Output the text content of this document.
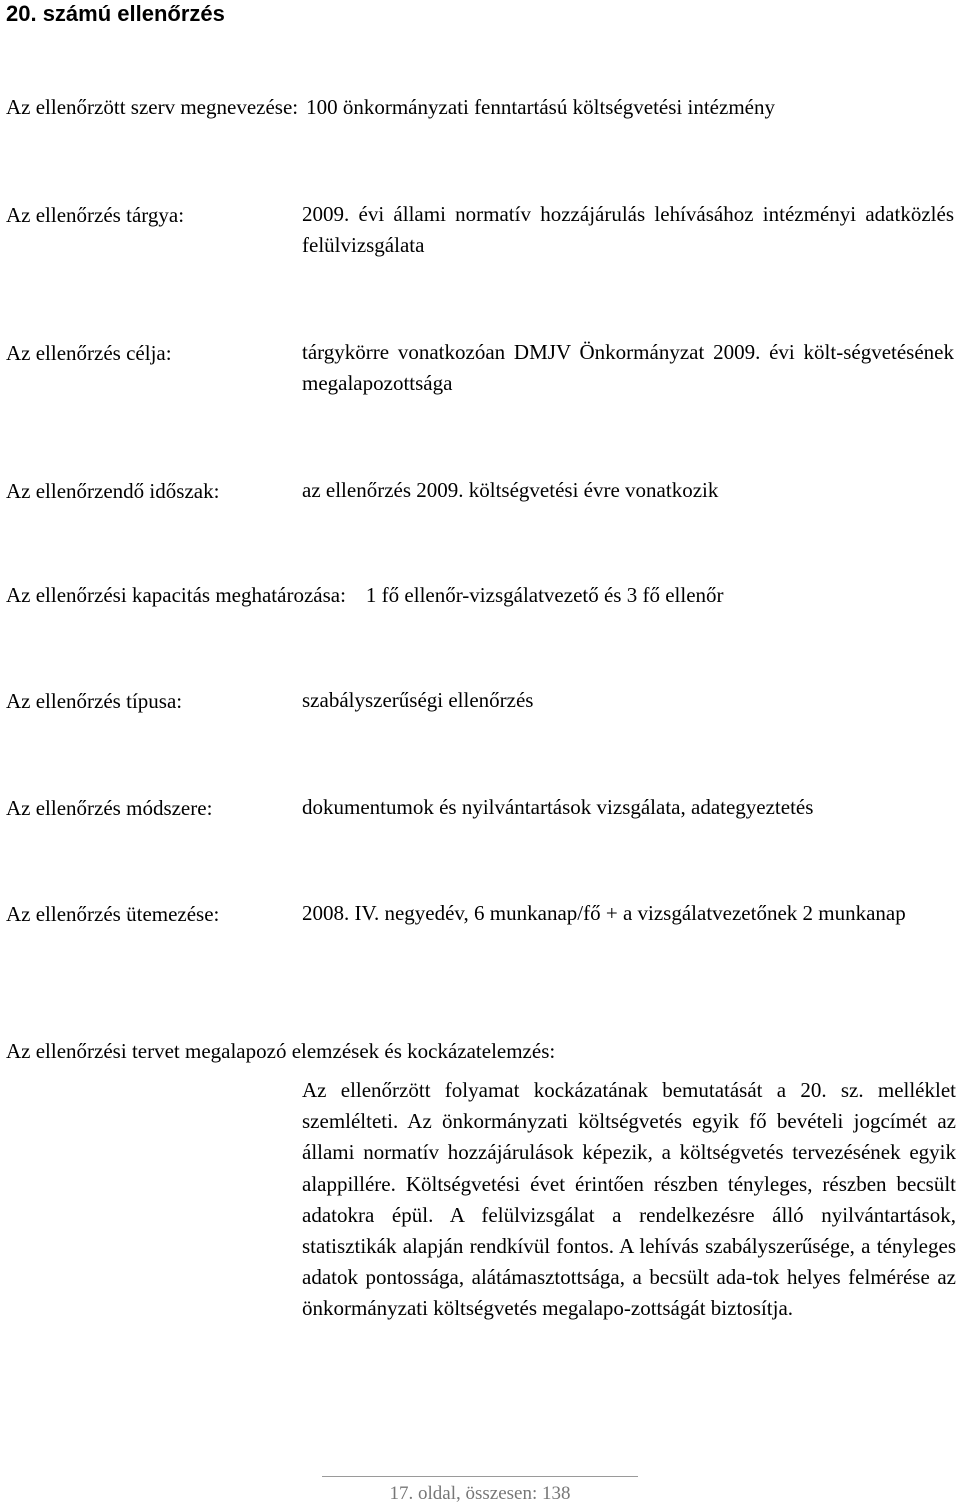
20. számú ellenőrzés
Az ellenőrzött szerv megnevezése: 100 önkormányzati fenntartású költségvetési intézmény
Az ellenőrzés tárgya:	2009. évi állami normatív hozzájárulás lehívásához intézményi adatközlés felülvizsgálata
Az ellenőrzés célja:	tárgykörre vonatkozóan DMJV Önkormányzat 2009. évi költ-ségvetésének megalapozottsága
Az ellenőrzendő időszak:	az ellenőrzés 2009. költségvetési évre vonatkozik
Az ellenőrzési kapacitás meghatározása: 1 fő ellenőr-vizsgálatvezető és 3 fő ellenőr
Az ellenőrzés típusa:	szabályszerűségi ellenőrzés
Az ellenőrzés módszere:	dokumentumok és nyilvántartások vizsgálata, adategyeztetés
Az ellenőrzés ütemezése:	2008. IV. negyedév, 6 munkanap/fő + a vizsgálatvezetőnek 2 munkanap
Az ellenőrzési tervet megalapozó elemzések és kockázatelemzés:
Az ellenőrzött folyamat kockázatának bemutatását a 20. sz. melléklet szemlélteti. Az önkormányzati költségvetés egyik fő bevételi jogcímét az állami normatív hozzájárulások képezik, a költségvetés tervezésének egyik alappillére. Költségvetési évet érintően részben tényleges, részben becsült adatokra épül. A felülvizsgálat a rendelkezésre álló nyilvántartások, statisztikák alapján rendkívül fontos. A lehívás szabályszerűsége, a tényleges adatok pontossága, alátámasztottsága, a becsült ada-tok helyes felmérése az önkormányzati költségvetés megalapo-zottságát biztosítja.
17. oldal, összesen: 138
